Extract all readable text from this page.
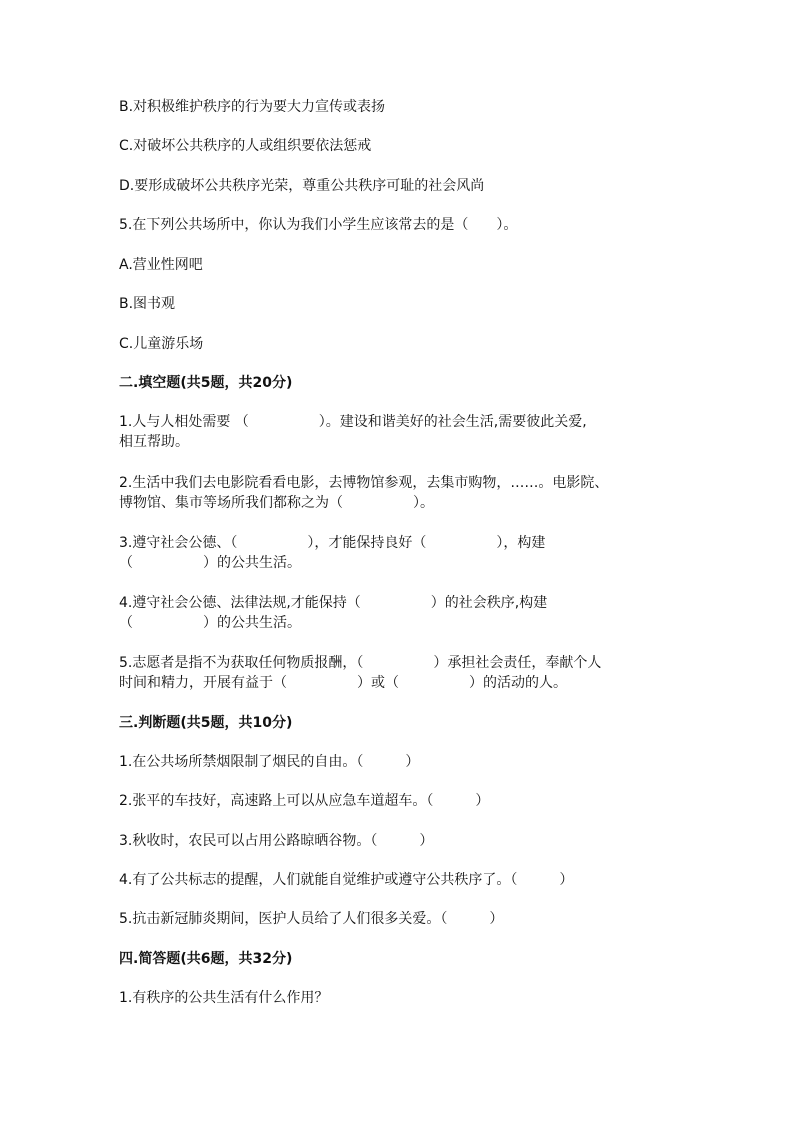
B.对积极维护秩序的行为要大力宣传或表扬
C.对破坏公共秩序的人或组织要依法惩戒
D.要形成破坏公共秩序光荣，尊重公共秩序可耻的社会风尚
5.在下列公共场所中，你认为我们小学生应该常去的是（　　）。
A.营业性网吧
B.图书观
C.儿童游乐场
二.填空题(共5题，共20分)
1.人与人相处需要 （　　　　　）。建设和谐美好的社会生活,需要彼此关爱,
相互帮助。
2.生活中我们去电影院看看电影，去博物馆参观，去集市购物，……。电影院、
博物馆、集市等场所我们都称之为（　　　　　）。
3.遵守社会公德、（　　　　　），才能保持良好（　　　　　），构建
（　　　　　）的公共生活。
4.遵守社会公德、法律法规,才能保持（　　　　　）的社会秩序,构建
（　　　　　）的公共生活。
5.志愿者是指不为获取任何物质报酬，（　　　　　）承担社会责任，奉献个人
时间和精力，开展有益于（　　　　　）或（　　　　　）的活动的人。
三.判断题(共5题，共10分)
1.在公共场所禁烟限制了烟民的自由。（　　　）
2.张平的车技好，高速路上可以从应急车道超车。（　　　）
3.秋收时，农民可以占用公路晾晒谷物。（　　　）
4.有了公共标志的提醒，人们就能自觉维护或遵守公共秩序了。（　　　）
5.抗击新冠肺炎期间，医护人员给了人们很多关爱。（　　　）
四.简答题(共6题，共32分)
1.有秩序的公共生活有什么作用？
